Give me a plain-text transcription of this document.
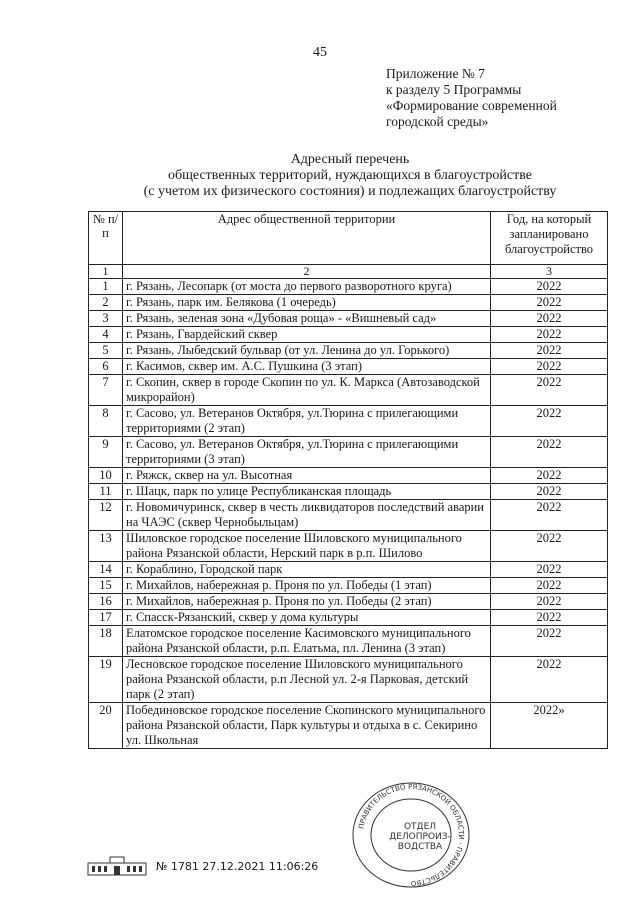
45
Приложение № 7
к разделу 5 Программы
«Формирование современной
городской среды»
Адресный перечень
общественных территорий, нуждающихся в благоустройстве
(с учетом их физического состояния) и подлежащих благоустройству
№ п/п	Адрес общественной территории	Год, на который запланировано благоустройство
1	2	3
1	г. Рязань, Лесопарк (от моста до первого разворотного круга)	2022
2	г. Рязань, парк им. Белякова (1 очередь)	2022
3	г. Рязань, зеленая зона «Дубовая роща» - «Вишневый сад»	2022
4	г. Рязань, Гвардейский сквер	2022
5	г. Рязань, Лыбедский бульвар (от ул. Ленина до ул. Горького)	2022
6	г. Касимов, сквер им. А.С. Пушкина (3 этап)	2022
7	г. Скопин, сквер в городе Скопин по ул. К. Маркса (Автозаводской микрорайон)	2022
8	г. Сасово, ул. Ветеранов Октября, ул.Тюрина с прилегающими территориями (2 этап)	2022
9	г. Сасово, ул. Ветеранов Октября, ул.Тюрина с прилегающими территориями (3 этап)	2022
10	г. Ряжск, сквер на ул. Высотная	2022
11	г. Шацк, парк по улице Республиканская площадь	2022
12	г. Новомичуринск, сквер в честь ликвидаторов последствий аварии на ЧАЭС (сквер Чернобыльцам)	2022
13	Шиловское городское поселение Шиловского муниципального района Рязанской области, Нерский парк в р.п. Шилово	2022
14	г. Кораблино, Городской парк	2022
15	г. Михайлов, набережная р. Проня по ул. Победы (1 этап)	2022
16	г. Михайлов, набережная р. Проня по ул. Победы (2 этап)	2022
17	г. Спасск-Рязанский, сквер у дома культуры	2022
18	Елатомское городское поселение Касимовского муниципального района Рязанской области, р.п. Елатьма, пл. Ленина (3 этап)	2022
19	Лесновское городское поселение Шиловского муниципального района Рязанской области, р.п Лесной ул. 2-я Парковая, детский парк (2 этап)	2022
20	Побединовское городское поселение Скопинского муниципального района Рязанской области, Парк культуры и отдыха в с. Секирино ул. Школьная	2022»
ПРАВИТЕЛЬСТВО РЯЗАНСКОЙ ОБЛАСТИ · ПРАВИТЕЛЬСТВО
ОТДЕЛ
ДЕЛОПРОИЗ-
ВОДСТВА
№ 1781 27.12.2021 11:06:26
